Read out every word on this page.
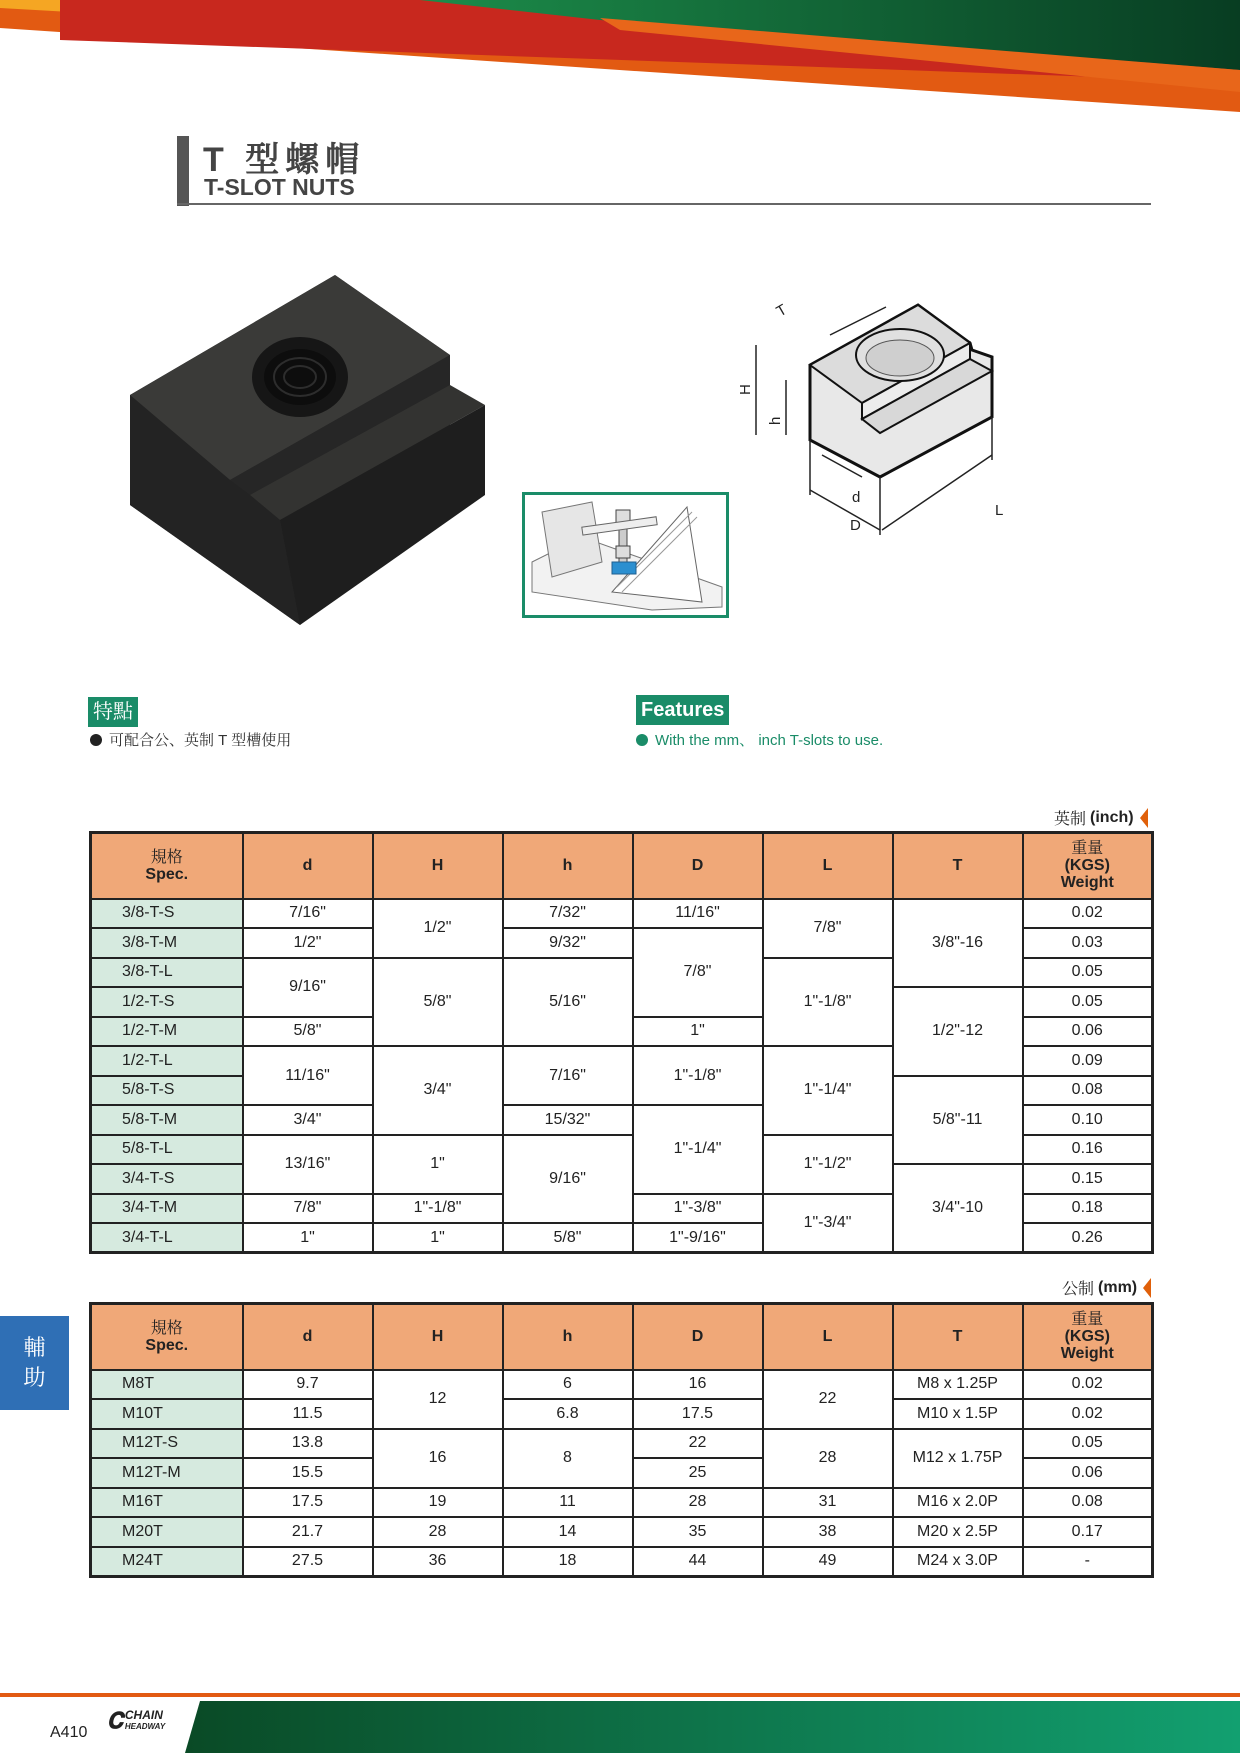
T 型螺帽
T-SLOT NUTS
T
H
h
d
D
L
特點
可配合公、英制 T 型槽使用
Features
With the mm、 inch T-slots to use.
英制 (inch)
規格
Spec.	d	H	h	D	L	T	重量
(KGS)
Weight
3/8-T-S	7/16"	1/2"	7/32"	11/16"	7/8"	3/8"-16	0.02
3/8-T-M	1/2"		9/32"	7/8"			0.03
3/8-T-L	9/16"	5/8"	5/16"		1"-1/8"		0.05
1/2-T-S						1/2"-12	0.05
1/2-T-M	5/8"			1"			0.06
1/2-T-L	11/16"	3/4"	7/16"	1"-1/8"	1"-1/4"		0.09
5/8-T-S						5/8"-11	0.08
5/8-T-M	3/4"		15/32"	1"-1/4"			0.10
5/8-T-L	13/16"	1"	9/16"		1"-1/2"		0.16
3/4-T-S						3/4"-10	0.15
3/4-T-M	7/8"	1"-1/8"		1"-3/8"	1"-3/4"		0.18
3/4-T-L	1"	1"	5/8"	1"-9/16"			0.26
公制 (mm)
規格
Spec.	d	H	h	D	L	T	重量
(KGS)
Weight
M8T	9.7	12	6	16	22	M8 x 1.25P	0.02
M10T	11.5		6.8	17.5		M10 x 1.5P	0.02
M12T-S	13.8	16	8	22	28	M12 x 1.75P	0.05
M12T-M	15.5			25			0.06
M16T	17.5	19	11	28	31	M16 x 2.0P	0.08
M20T	21.7	28	14	35	38	M20 x 2.5P	0.17
M24T	27.5	36	18	44	49	M24 x 3.0P	-
輔
助
A410 𝐂 CHAIN
HEADWAY
